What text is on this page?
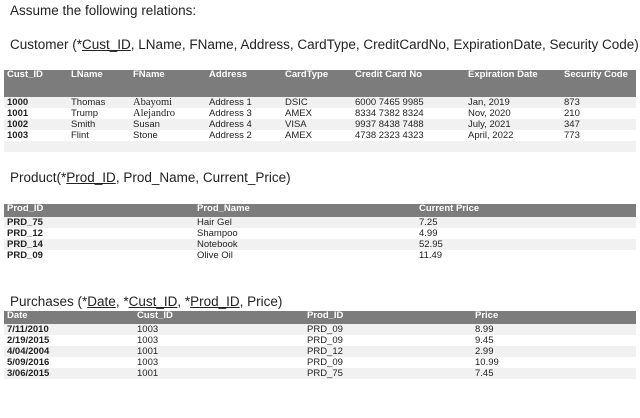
Assume the following relations:
Customer (*Cust_ID, LName, FName, Address, CardType, CreditCardNo, ExpirationDate, Security Code)
Cust_ID	LName	FName	Address	CardType	Credit Card No	Expiration Date	Security Code
1000	Thomas	Abayomi	Address 1	DSIC	6000 7465 9985	Jan, 2019	873
1001	Trump	Alejandro	Address 3	AMEX	8334 7382 8324	Nov, 2020	210
1002	Smith	Susan	Address 4	VISA	9937 8438 7488	July, 2021	347
1003	Flint	Stone	Address 2	AMEX	4738 2323 4323	April, 2022	773

Product(*Prod_ID, Prod_Name, Current_Price)
Prod_ID	Prod_Name	Current Price
PRD_75	Hair Gel	7.25
PRD_12	Shampoo	4.99
PRD_14	Notebook	52.95
PRD_09	Olive Oil	11.49
Purchases (*Date, *Cust_ID, *Prod_ID, Price)
Date	Cust_ID	Prod_ID	Price
7/11/2010	1003	PRD_09	8.99
2/19/2015	1003	PRD_09	9.45
4/04/2004	1001	PRD_12	2.99
5/09/2016	1003	PRD_09	10.99
3/06/2015	1001	PRD_75	7.45
